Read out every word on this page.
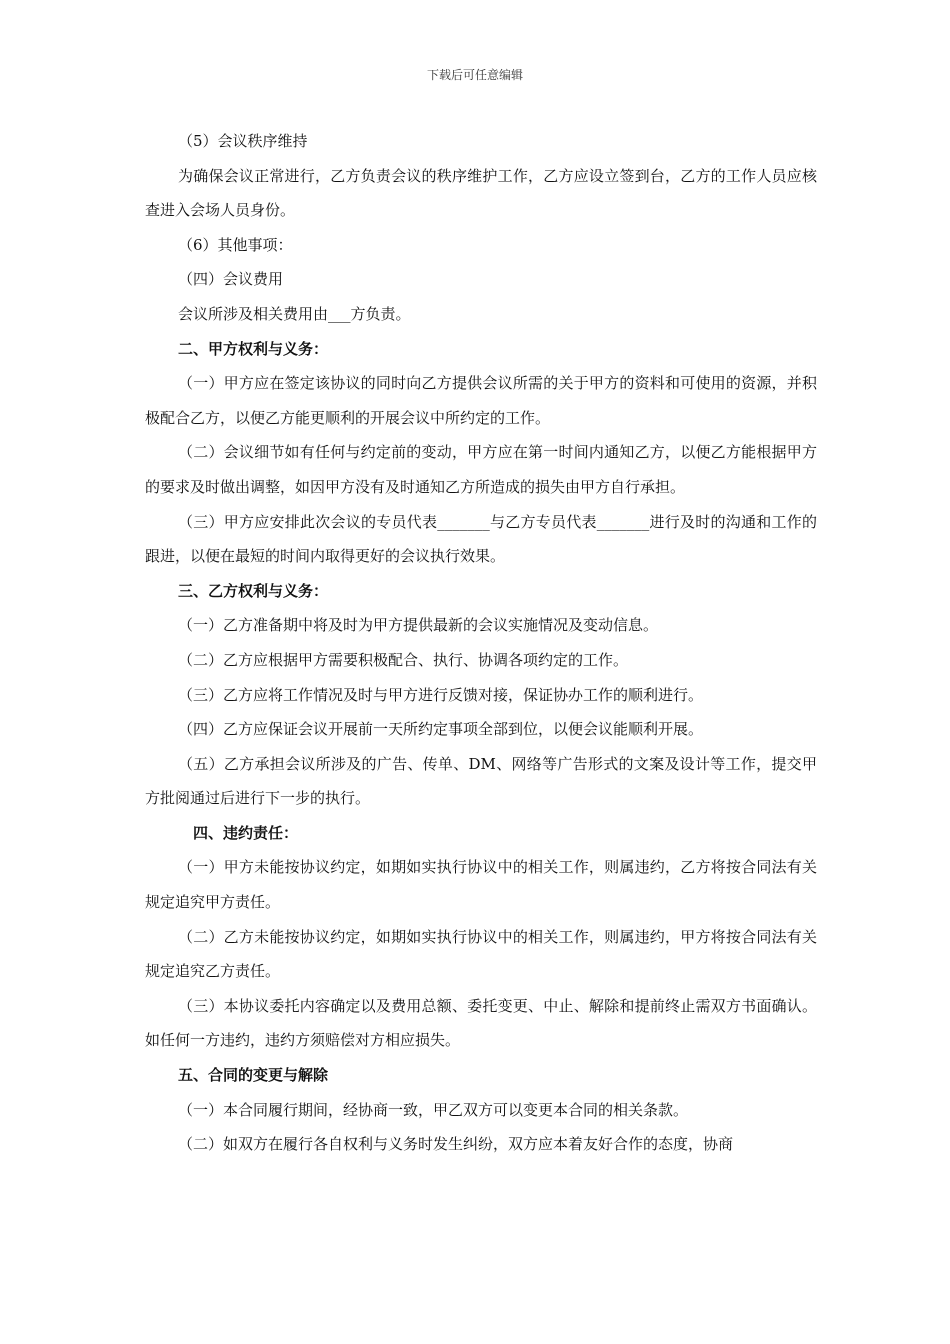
下载后可任意编辑

（5）会议秩序维持

为确保会议正常进行，乙方负责会议的秩序维护工作，乙方应设立签到台，乙方的工作人员应核查进入会场人员身份。

（6）其他事项：

（四）会议费用

会议所涉及相关费用由___方负责。

二、甲方权利与义务：

（一）甲方应在签定该协议的同时向乙方提供会议所需的关于甲方的资料和可使用的资源，并积极配合乙方，以便乙方能更顺利的开展会议中所约定的工作。

（二）会议细节如有任何与约定前的变动，甲方应在第一时间内通知乙方，以便乙方能根据甲方的要求及时做出调整，如因甲方没有及时通知乙方所造成的损失由甲方自行承担。

（三）甲方应安排此次会议的专员代表_______与乙方专员代表_______进行及时的沟通和工作的跟进，以便在最短的时间内取得更好的会议执行效果。

三、乙方权利与义务：

（一）乙方准备期中将及时为甲方提供最新的会议实施情况及变动信息。

（二）乙方应根据甲方需要积极配合、执行、协调各项约定的工作。

（三）乙方应将工作情况及时与甲方进行反馈对接，保证协办工作的顺利进行。

（四）乙方应保证会议开展前一天所约定事项全部到位，以便会议能顺利开展。

（五）乙方承担会议所涉及的广告、传单、DM、网络等广告形式的文案及设计等工作，提交甲方批阅通过后进行下一步的执行。

四、违约责任：

（一）甲方未能按协议约定，如期如实执行协议中的相关工作，则属违约，乙方将按合同法有关规定追究甲方责任。

（二）乙方未能按协议约定，如期如实执行协议中的相关工作，则属违约，甲方将按合同法有关规定追究乙方责任。

（三）本协议委托内容确定以及费用总额、委托变更、中止、解除和提前终止需双方书面确认。如任何一方违约，违约方须赔偿对方相应损失。

五、合同的变更与解除

（一）本合同履行期间，经协商一致，甲乙双方可以变更本合同的相关条款。

（二）如双方在履行各自权利与义务时发生纠纷，双方应本着友好合作的态度，协商
